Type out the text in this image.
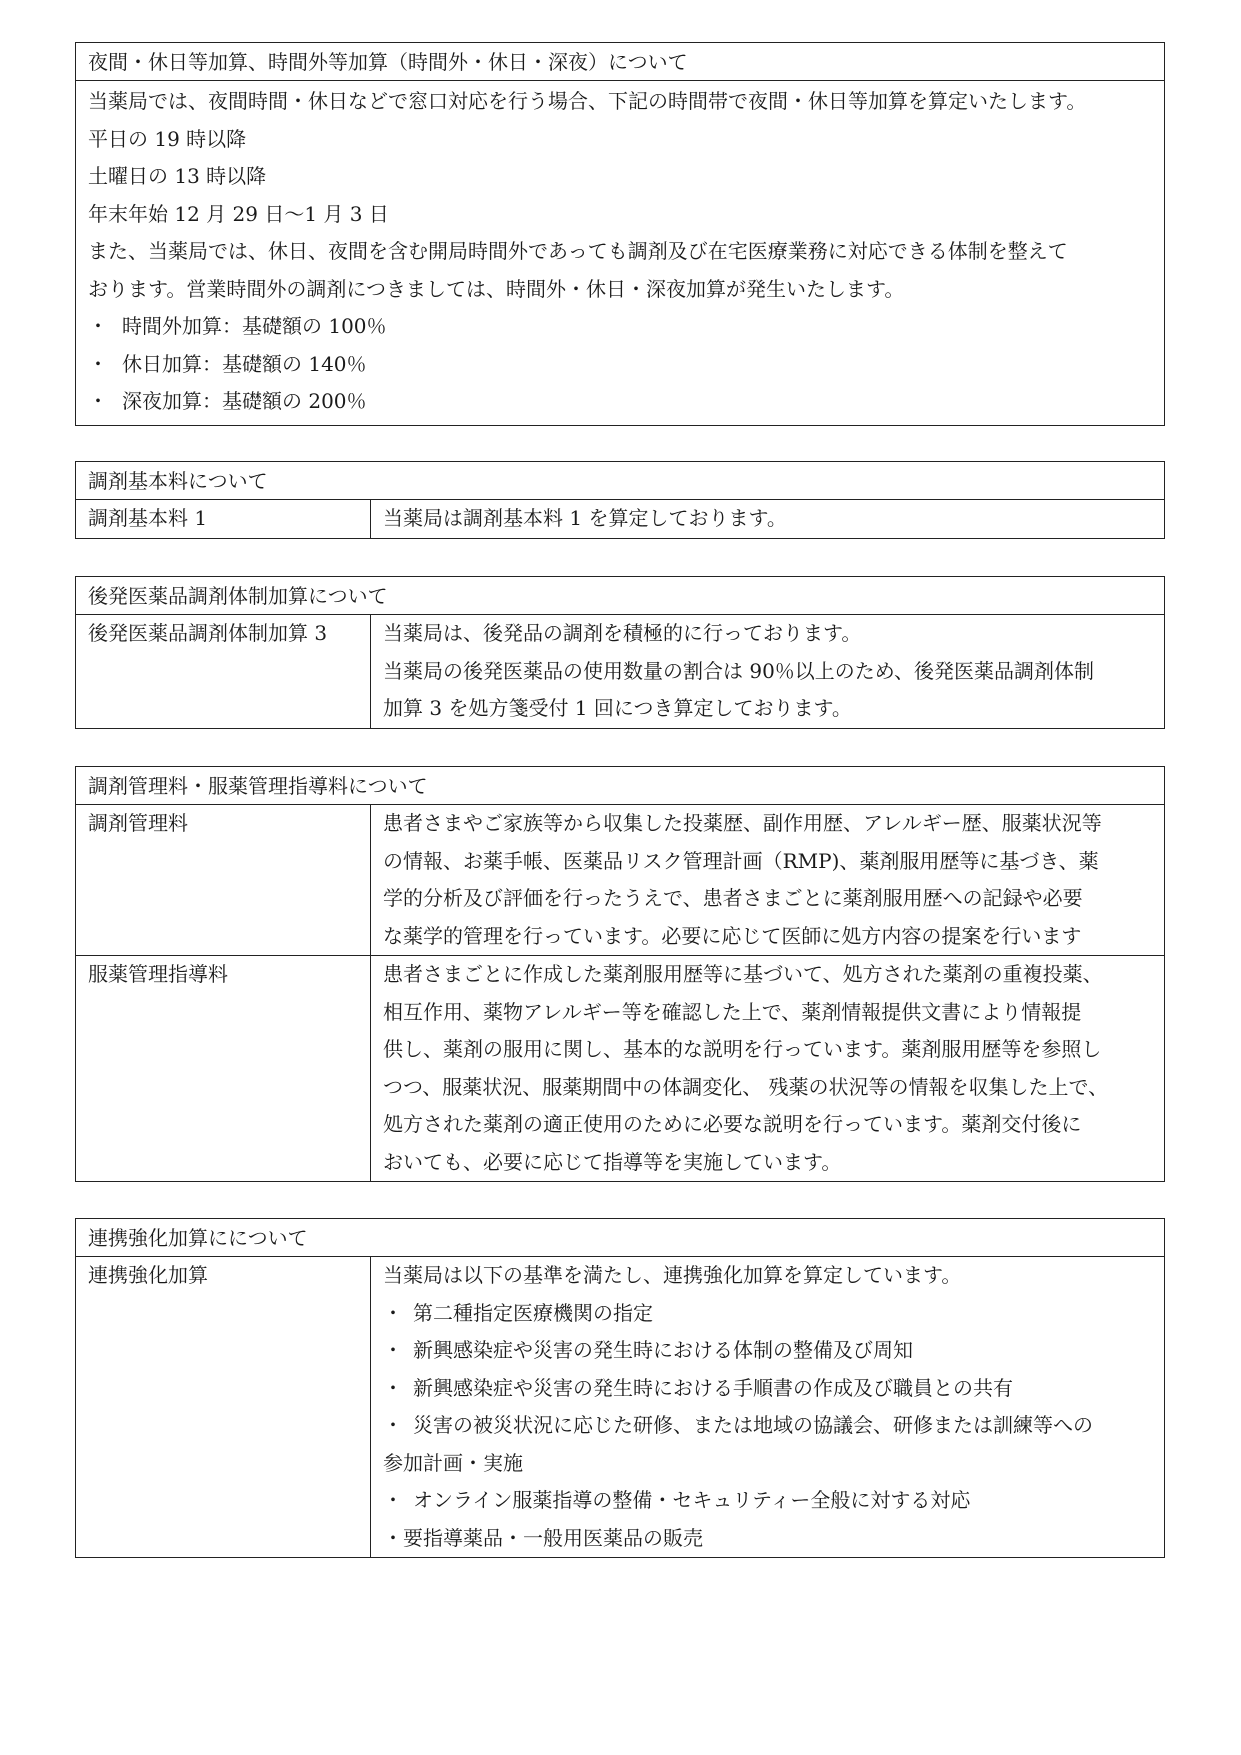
夜間・休日等加算、時間外等加算（時間外・休日・深夜）について
当薬局では、夜間時間・休日などで窓口対応を行う場合、下記の時間帯で夜間・休日等加算を算定いたします。
平日の 19 時以降
土曜日の 13 時以降
年末年始 12 月 29 日～1 月 3 日
また、当薬局では、休日、夜間を含む開局時間外であっても調剤及び在宅医療業務に対応できる体制を整えて
おります。営業時間外の調剤につきましては、時間外・休日・深夜加算が発生いたします。
・ 時間外加算：基礎額の 100％
・ 休日加算：基礎額の 140％
・ 深夜加算：基礎額の 200％
調剤基本料について
調剤基本料 1	当薬局は調剤基本料 1 を算定しております。
後発医薬品調剤体制加算について
後発医薬品調剤体制加算 3	当薬局は、後発品の調剤を積極的に行っております。
当薬局の後発医薬品の使用数量の割合は 90％以上のため、後発医薬品調剤体制
加算 3 を処方箋受付 1 回につき算定しております。
調剤管理料・服薬管理指導料について
調剤管理料	患者さまやご家族等から収集した投薬歴、副作用歴、アレルギー歴、服薬状況等
の情報、お薬手帳、医薬品リスク管理計画（RMP)、薬剤服用歴等に基づき、薬
学的分析及び評価を行ったうえで、患者さまごとに薬剤服用歴への記録や必要
な薬学的管理を行っています。必要に応じて医師に処方内容の提案を行います
服薬管理指導料	患者さまごとに作成した薬剤服用歴等に基づいて、処方された薬剤の重複投薬、
相互作用、薬物アレルギー等を確認した上で、薬剤情報提供文書により情報提
供し、薬剤の服用に関し、基本的な説明を行っています。薬剤服用歴等を参照し
つつ、服薬状況、服薬期間中の体調変化、 残薬の状況等の情報を収集した上で、
処方された薬剤の適正使用のために必要な説明を行っています。薬剤交付後に
おいても、必要に応じて指導等を実施しています。
連携強化加算にについて
連携強化加算	当薬局は以下の基準を満たし、連携強化加算を算定しています。
・ 第二種指定医療機関の指定
・ 新興感染症や災害の発生時における体制の整備及び周知
・ 新興感染症や災害の発生時における手順書の作成及び職員との共有
・ 災害の被災状況に応じた研修、または地域の協議会、研修または訓練等への
参加計画・実施
・ オンライン服薬指導の整備・セキュリティー全般に対する対応
・要指導薬品・一般用医薬品の販売
